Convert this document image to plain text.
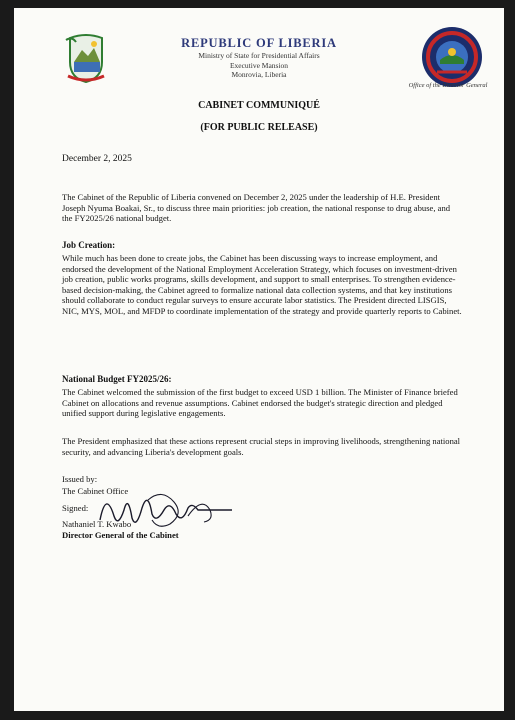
REPUBLIC OF LIBERIA
Ministry of State for Presidential Affairs
Executive Mansion
Monrovia, Liberia
Office of the Director General
CABINET COMMUNIQUÉ
(FOR PUBLIC RELEASE)
December 2, 2025
The Cabinet of the Republic of Liberia convened on December 2, 2025 under the leadership of H.E. President Joseph Nyuma Boakai, Sr., to discuss three main priorities: job creation, the national response to drug abuse, and the FY2025/26 national budget.
Job Creation:
While much has been done to create jobs, the Cabinet has been discussing ways to increase employment, and endorsed the development of the National Employment Acceleration Strategy, which focuses on investment-driven job creation, public works programs, skills development, and support to small enterprises. To strengthen evidence-based decision-making, the Cabinet agreed to formalize national data collection systems, and that key institutions should collaborate to conduct regular surveys to ensure accurate labor statistics. The President directed LISGIS, NIC, MYS, MOL, and MFDP to coordinate implementation of the strategy and provide quarterly reports to Cabinet.
National Budget FY2025/26:
The Cabinet welcomed the submission of the first budget to exceed USD 1 billion. The Minister of Finance briefed Cabinet on allocations and revenue assumptions. Cabinet endorsed the budget's strategic direction and pledged unified support during legislative engagements.
The President emphasized that these actions represent crucial steps in improving livelihoods, strengthening national security, and advancing Liberia's development goals.
Issued by:
The Cabinet Office
Signed:
Nathaniel T. Kwabo
Director General of the Cabinet
